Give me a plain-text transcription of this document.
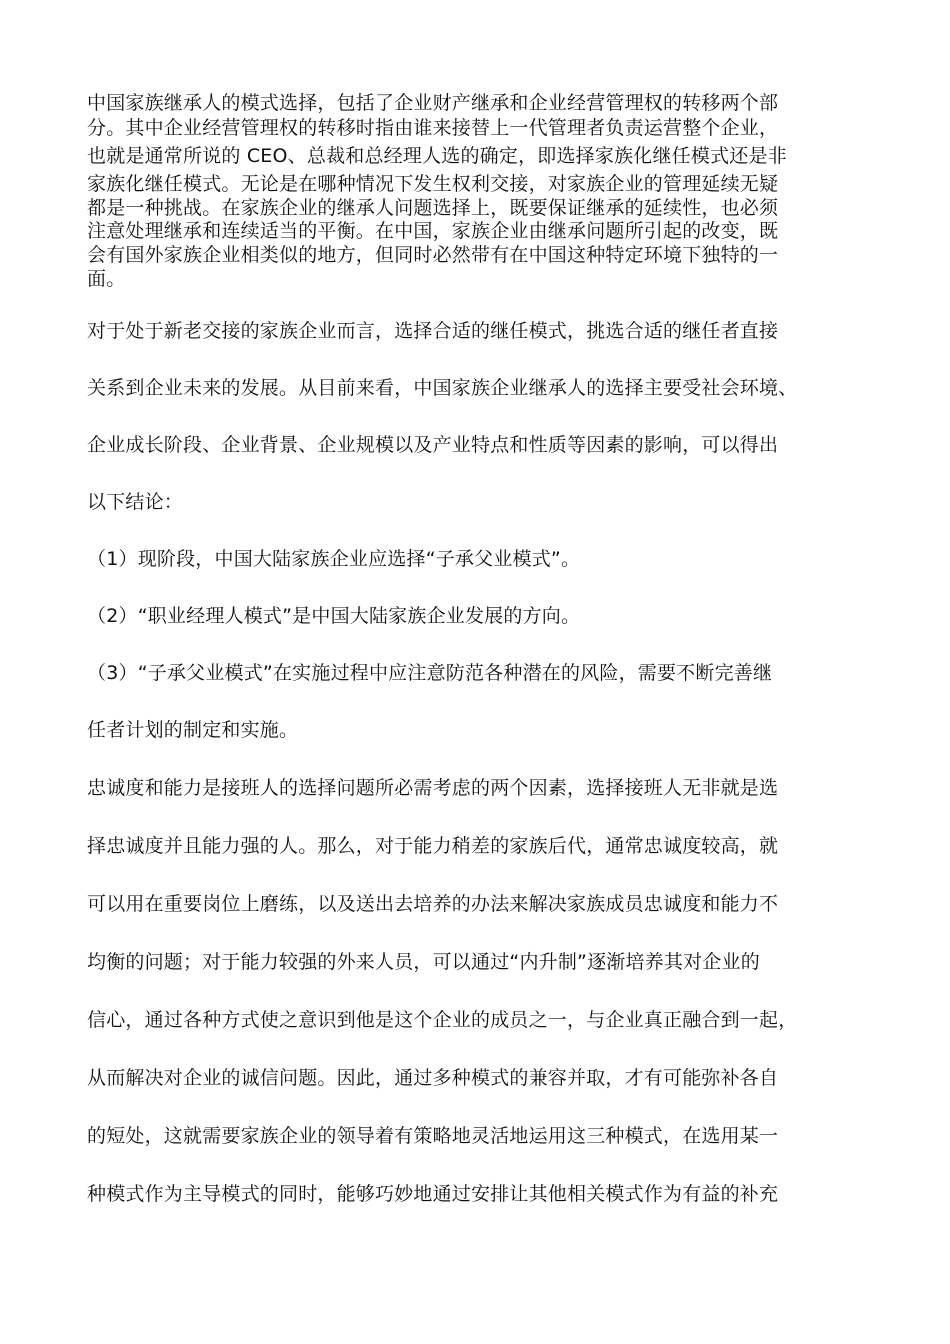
中国家族继承人的模式选择，包括了企业财产继承和企业经营管理权的转移两个部

分。其中企业经营管理权的转移时指由谁来接替上一代管理者负责运营整个企业，

也就是通常所说的 CEO、总裁和总经理人选的确定，即选择家族化继任模式还是非

家族化继任模式。无论是在哪种情况下发生权利交接，对家族企业的管理延续无疑

都是一种挑战。在家族企业的继承人问题选择上，既要保证继承的延续性，也必须

注意处理继承和连续适当的平衡。在中国，家族企业由继承问题所引起的改变，既

会有国外家族企业相类似的地方，但同时必然带有在中国这种特定环境下独特的一

面。

对于处于新老交接的家族企业而言，选择合适的继任模式，挑选合适的继任者直接

关系到企业未来的发展。从目前来看，中国家族企业继承人的选择主要受社会环境、

企业成长阶段、企业背景、企业规模以及产业特点和性质等因素的影响，可以得出

以下结论：

（1）现阶段，中国大陆家族企业应选择“子承父业模式”。

（2）“职业经理人模式”是中国大陆家族企业发展的方向。

（3）“子承父业模式”在实施过程中应注意防范各种潜在的风险，需要不断完善继

任者计划的制定和实施。

忠诚度和能力是接班人的选择问题所必需考虑的两个因素，选择接班人无非就是选

择忠诚度并且能力强的人。那么，对于能力稍差的家族后代，通常忠诚度较高，就

可以用在重要岗位上磨练，以及送出去培养的办法来解决家族成员忠诚度和能力不

均衡的问题；对于能力较强的外来人员，可以通过“内升制”逐渐培养其对企业的

信心，通过各种方式使之意识到他是这个企业的成员之一，与企业真正融合到一起，

从而解决对企业的诚信问题。因此，通过多种模式的兼容并取，才有可能弥补各自

的短处，这就需要家族企业的领导着有策略地灵活地运用这三种模式，在选用某一

种模式作为主导模式的同时，能够巧妙地通过安排让其他相关模式作为有益的补充
